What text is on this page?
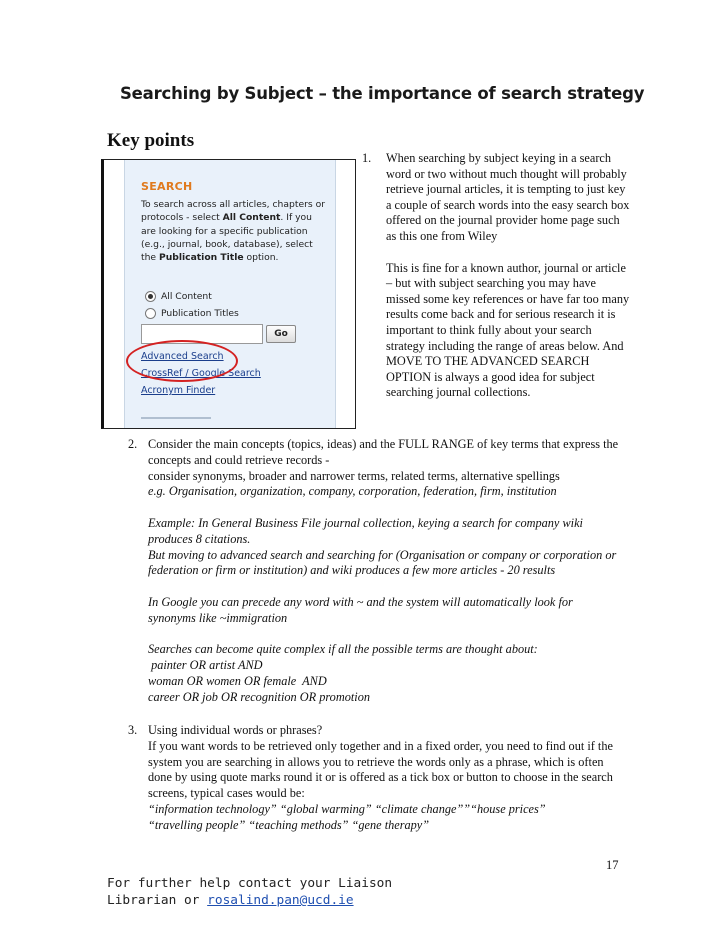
Searching by Subject – the importance of search strategy
Key points
SEARCH
To search across all articles, chapters or protocols - select All Content. If you are looking for a specific publication (e.g., journal, book, database), select the Publication Title option.
All Content
Publication Titles
Go
Advanced Search
CrossRef / Google Search
Acronym Finder
1. When searching by subject keying in a search word or two without much thought will probably retrieve journal articles, it is tempting to just key a couple of search words into the easy search box offered on the journal provider home page such as this one from Wiley

This is fine for a known author, journal or article – but with subject searching you may have missed some key references or have far too many results come back and for serious research it is important to think fully about your search strategy including the range of areas below. And MOVE TO THE ADVANCED SEARCH OPTION is always a good idea for subject searching journal collections.

2. Consider the main concepts (topics, ideas) and the FULL RANGE of key terms that express the concepts and could retrieve records -
consider synonyms, broader and narrower terms, related terms, alternative spellings
e.g. Organisation, organization, company, corporation, federation, firm, institution

Example: In General Business File journal collection, keying a search for company wiki produces 8 citations.
But moving to advanced search and searching for (Organisation or company or corporation or federation or firm or institution) and wiki produces a few more articles - 20 results

In Google you can precede any word with ~ and the system will automatically look for synonyms like ~immigration

Searches can become quite complex if all the possible terms are thought about:
painter OR artist AND
woman OR women OR female  AND
career OR job OR recognition OR promotion

3. Using individual words or phrases?
If you want words to be retrieved only together and in a fixed order, you need to find out if the system you are searching in allows you to retrieve the words only as a phrase, which is often done by using quote marks round it or is offered as a tick box or button to choose in the search screens, typical cases would be:
“information technology” “global warming” “climate change””“house prices”
“travelling people” “teaching methods” “gene therapy”

17
For further help contact your Liaison
Librarian or rosalind.pan@ucd.ie
